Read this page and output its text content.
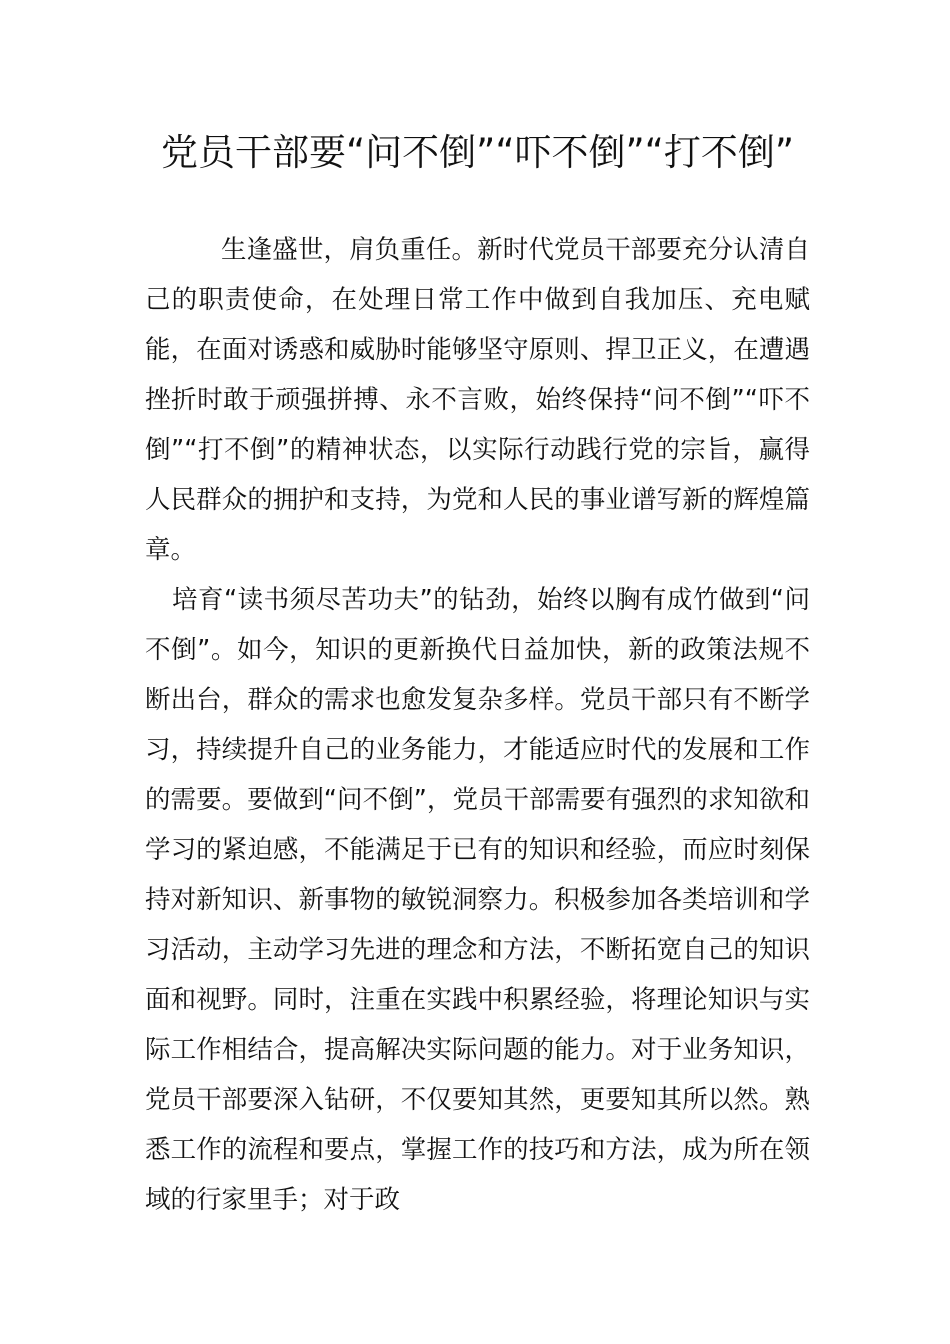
党员干部要“问不倒”“吓不倒”“打不倒”

生逢盛世，肩负重任。新时代党员干部要充分认清自己的职责使命，在处理日常工作中做到自我加压、充电赋能，在面对诱惑和威胁时能够坚守原则、捍卫正义，在遭遇挫折时敢于顽强拼搏、永不言败，始终保持“问不倒”“吓不倒”“打不倒”的精神状态，以实际行动践行党的宗旨，赢得人民群众的拥护和支持，为党和人民的事业谱写新的辉煌篇章。

培育“读书须尽苦功夫”的钻劲，始终以胸有成竹做到“问不倒”。如今，知识的更新换代日益加快，新的政策法规不断出台，群众的需求也愈发复杂多样。党员干部只有不断学习，持续提升自己的业务能力，才能适应时代的发展和工作的需要。要做到“问不倒”，党员干部需要有强烈的求知欲和学习的紧迫感，不能满足于已有的知识和经验，而应时刻保持对新知识、新事物的敏锐洞察力。积极参加各类培训和学习活动，主动学习先进的理念和方法，不断拓宽自己的知识面和视野。同时，注重在实践中积累经验，将理论知识与实际工作相结合，提高解决实际问题的能力。对于业务知识，党员干部要深入钻研，不仅要知其然，更要知其所以然。熟悉工作的流程和要点，掌握工作的技巧和方法，成为所在领域的行家里手；对于政
